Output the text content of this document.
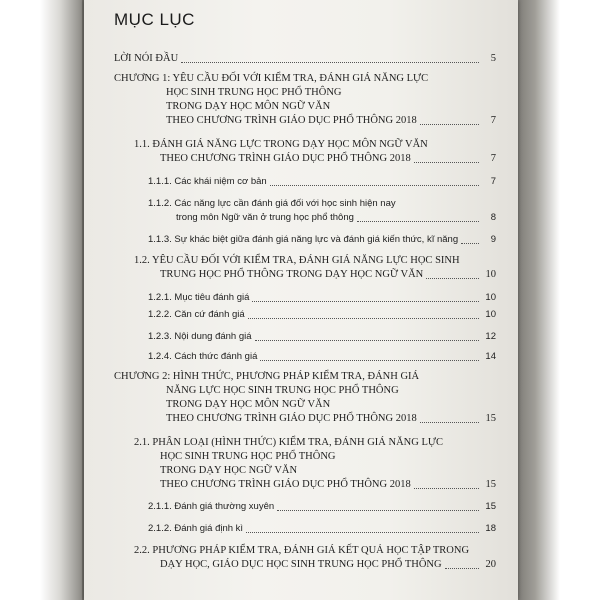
MỤC LỤC
LỜI NÓI ĐẦU	5
CHƯƠNG 1: YÊU CẦU ĐỐI VỚI KIỂM TRA, ĐÁNH GIÁ NĂNG LỰC
HỌC SINH TRUNG HỌC PHỔ THÔNG
TRONG DẠY HỌC MÔN NGỮ VĂN
THEO CHƯƠNG TRÌNH GIÁO DỤC PHỔ THÔNG 2018	7
1.1. ĐÁNH GIÁ NĂNG LỰC TRONG DẠY HỌC MÔN NGỮ VĂN
THEO CHƯƠNG TRÌNH GIÁO DỤC PHỔ THÔNG 2018	7
1.1.1. Các khái niệm cơ bản	7
1.1.2. Các năng lực cần đánh giá đối với học sinh hiện nay
trong môn Ngữ văn ở trung học phổ thông	8
1.1.3. Sự khác biệt giữa đánh giá năng lực và đánh giá kiến thức, kĩ năng	9
1.2. YÊU CẦU ĐỐI VỚI KIỂM TRA, ĐÁNH GIÁ NĂNG LỰC HỌC SINH
TRUNG HỌC PHỔ THÔNG TRONG DẠY HỌC NGỮ VĂN	10
1.2.1. Mục tiêu đánh giá	10
1.2.2. Căn cứ đánh giá	10
1.2.3. Nội dung đánh giá	12
1.2.4. Cách thức đánh giá	14
CHƯƠNG 2: HÌNH THỨC, PHƯƠNG PHÁP KIỂM TRA, ĐÁNH GIÁ
NĂNG LỰC HỌC SINH TRUNG HỌC PHỔ THÔNG
TRONG DẠY HỌC MÔN NGỮ VĂN
THEO CHƯƠNG TRÌNH GIÁO DỤC PHỔ THÔNG 2018	15
2.1. PHÂN LOẠI (HÌNH THỨC) KIỂM TRA, ĐÁNH GIÁ NĂNG LỰC
HỌC SINH TRUNG HỌC PHỔ THÔNG
TRONG DẠY HỌC NGỮ VĂN
THEO CHƯƠNG TRÌNH GIÁO DỤC PHỔ THÔNG 2018	15
2.1.1. Đánh giá thường xuyên	15
2.1.2. Đánh giá định kì	18
2.2. PHƯƠNG PHÁP KIỂM TRA, ĐÁNH GIÁ KẾT QUẢ HỌC TẬP TRONG
DẠY HỌC, GIÁO DỤC HỌC SINH TRUNG HỌC PHỔ THÔNG	20
